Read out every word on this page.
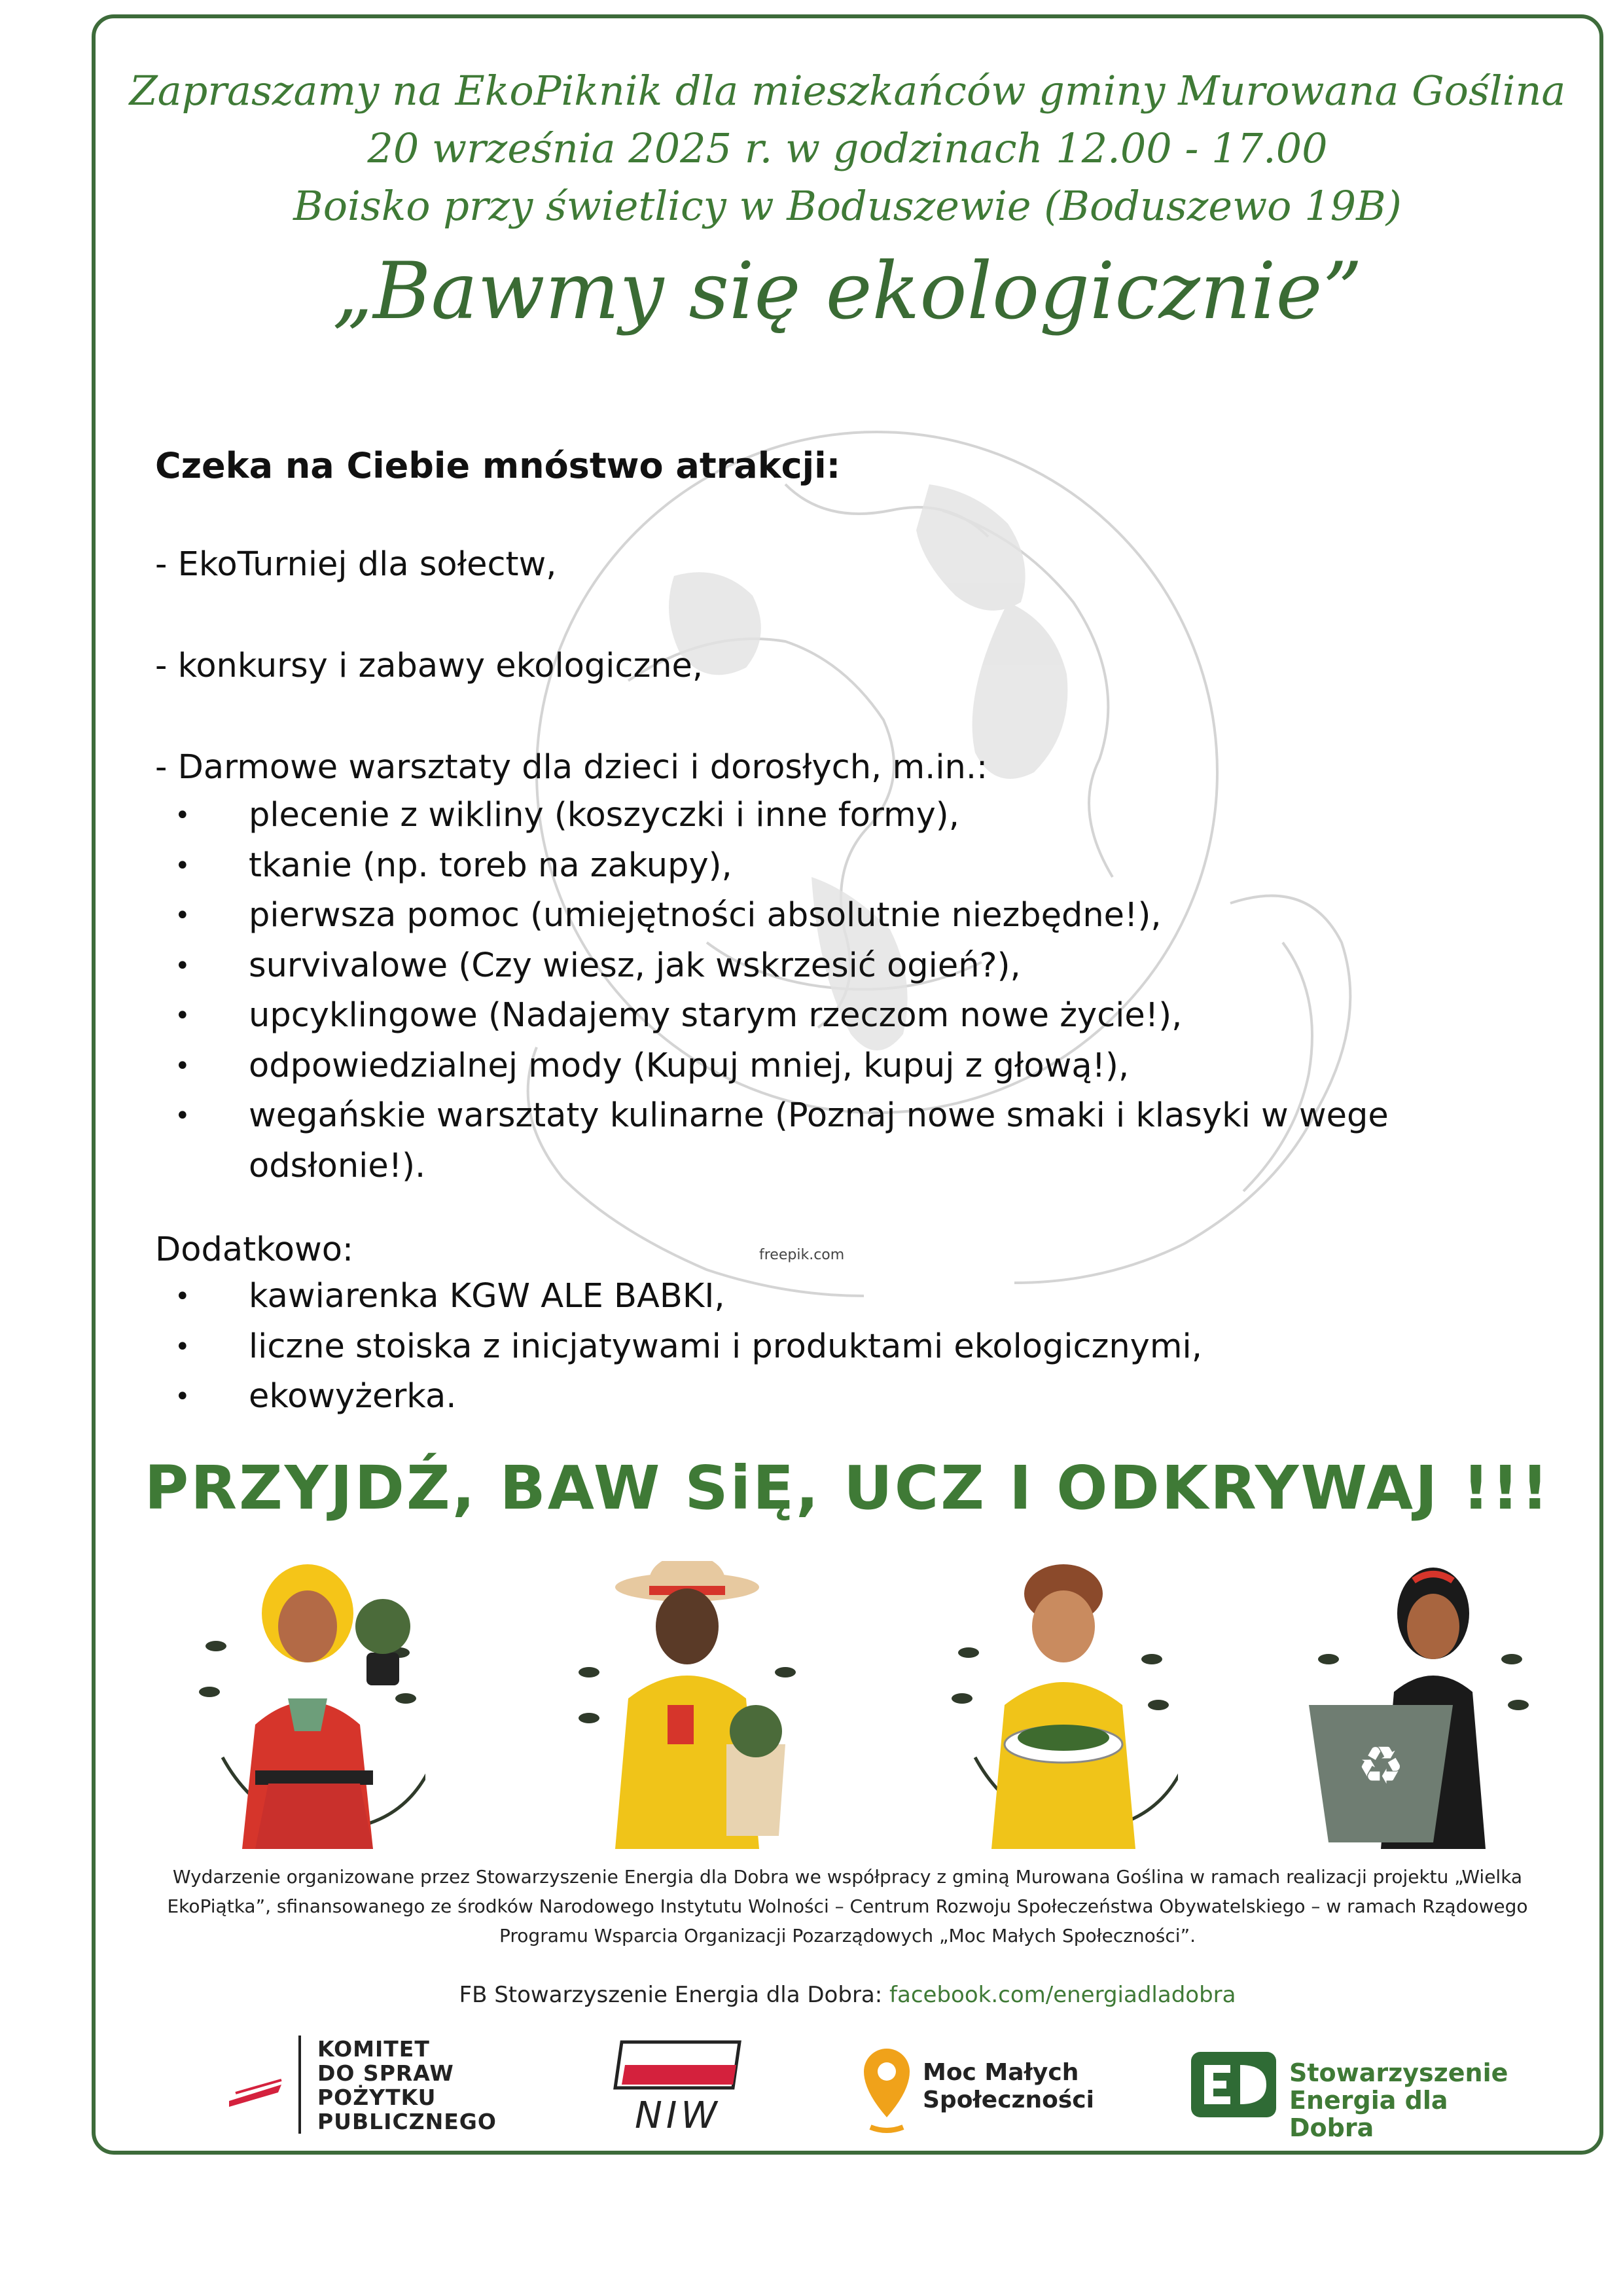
Zapraszamy na EkoPiknik dla mieszkańców gminy Murowana Goślina
20 września 2025 r. w godzinach 12.00 - 17.00
Boisko przy świetlicy w Boduszewie (Boduszewo 19B)
„Bawmy się ekologicznie”
Czeka na Ciebie mnóstwo atrakcji:
- EkoTurniej dla sołectw,
- konkursy i zabawy ekologiczne,
- Darmowe warsztaty dla dzieci i dorosłych, m.in.:
• plecenie z wikliny (koszyczki i inne formy),
• tkanie (np. toreb na zakupy),
• pierwsza pomoc (umiejętności absolutnie niezbędne!),
• survivalowe (Czy wiesz, jak wskrzesić ogień?),
• upcyklingowe (Nadajemy starym rzeczom nowe życie!),
• odpowiedzialnej mody (Kupuj mniej, kupuj z głową!),
• wegańskie warsztaty kulinarne (Poznaj nowe smaki i klasyki w wege odsłonie!).
Dodatkowo:
• kawiarenka KGW ALE BABKI,
• liczne stoiska z inicjatywami i produktami ekologicznymi,
• ekowyżerka.
freepik.com
PRZYJDŹ, BAW SiĘ, UCZ I ODKRYWAJ !!!
♻
Wydarzenie organizowane przez Stowarzyszenie Energia dla Dobra we współpracy z gminą Murowana Goślina w ramach realizacji projektu „Wielka
EkoPiątka”, sfinansowanego ze środków Narodowego Instytutu Wolności – Centrum Rozwoju Społeczeństwa Obywatelskiego – w ramach Rządowego
Programu Wsparcia Organizacji Pozarządowych „Moc Małych Społeczności”.
FB Stowarzyszenie Energia dla Dobra: facebook.com/energiadladobra
KOMITET
DO SPRAW
POŻYTKU
PUBLICZNEGO	NIW
Moc Małych
Społeczności
Stowarzyszenie
Energia dla Dobra
